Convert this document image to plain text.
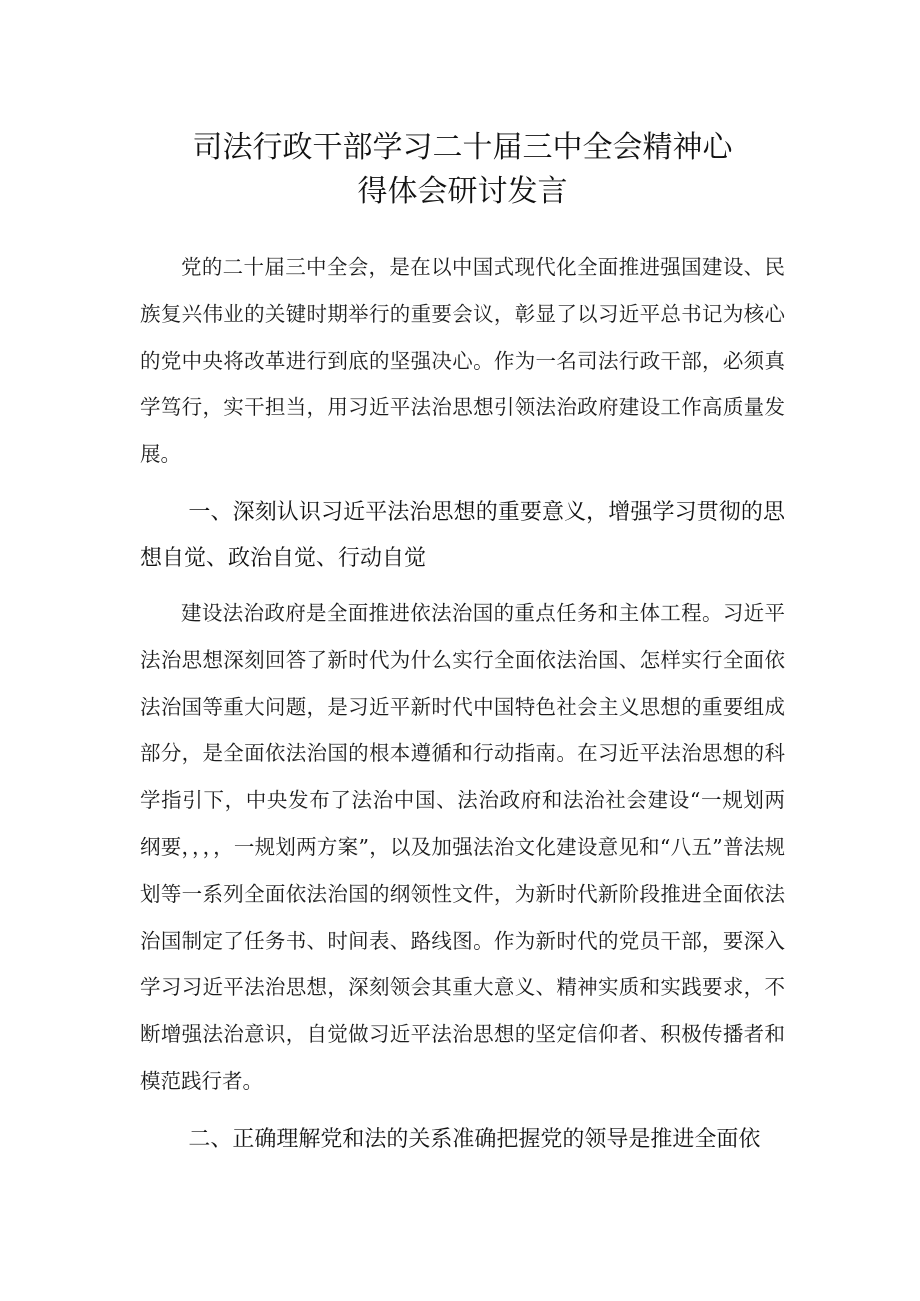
司法行政干部学习二十届三中全会精神心
得体会研讨发言

党的二十届三中全会，是在以中国式现代化全面推进强国建设、民族复兴伟业的关键时期举行的重要会议，彰显了以习近平总书记为核心的党中央将改革进行到底的坚强决心。作为一名司法行政干部，必须真学笃行，实干担当，用习近平法治思想引领法治政府建设工作高质量发展。

一、深刻认识习近平法治思想的重要意义，增强学习贯彻的思想自觉、政治自觉、行动自觉

建设法治政府是全面推进依法治国的重点任务和主体工程。习近平法治思想深刻回答了新时代为什么实行全面依法治国、怎样实行全面依法治国等重大问题，是习近平新时代中国特色社会主义思想的重要组成部分，是全面依法治国的根本遵循和行动指南。在习近平法治思想的科学指引下，中央发布了法治中国、法治政府和法治社会建设“一规划两纲要，，，，一规划两方案”，以及加强法治文化建设意见和“八五”普法规划等一系列全面依法治国的纲领性文件，为新时代新阶段推进全面依法治国制定了任务书、时间表、路线图。作为新时代的党员干部，要深入学习习近平法治思想，深刻领会其重大意义、精神实质和实践要求，不断增强法治意识，自觉做习近平法治思想的坚定信仰者、积极传播者和模范践行者。

二、正确理解党和法的关系准确把握党的领导是推进全面依
